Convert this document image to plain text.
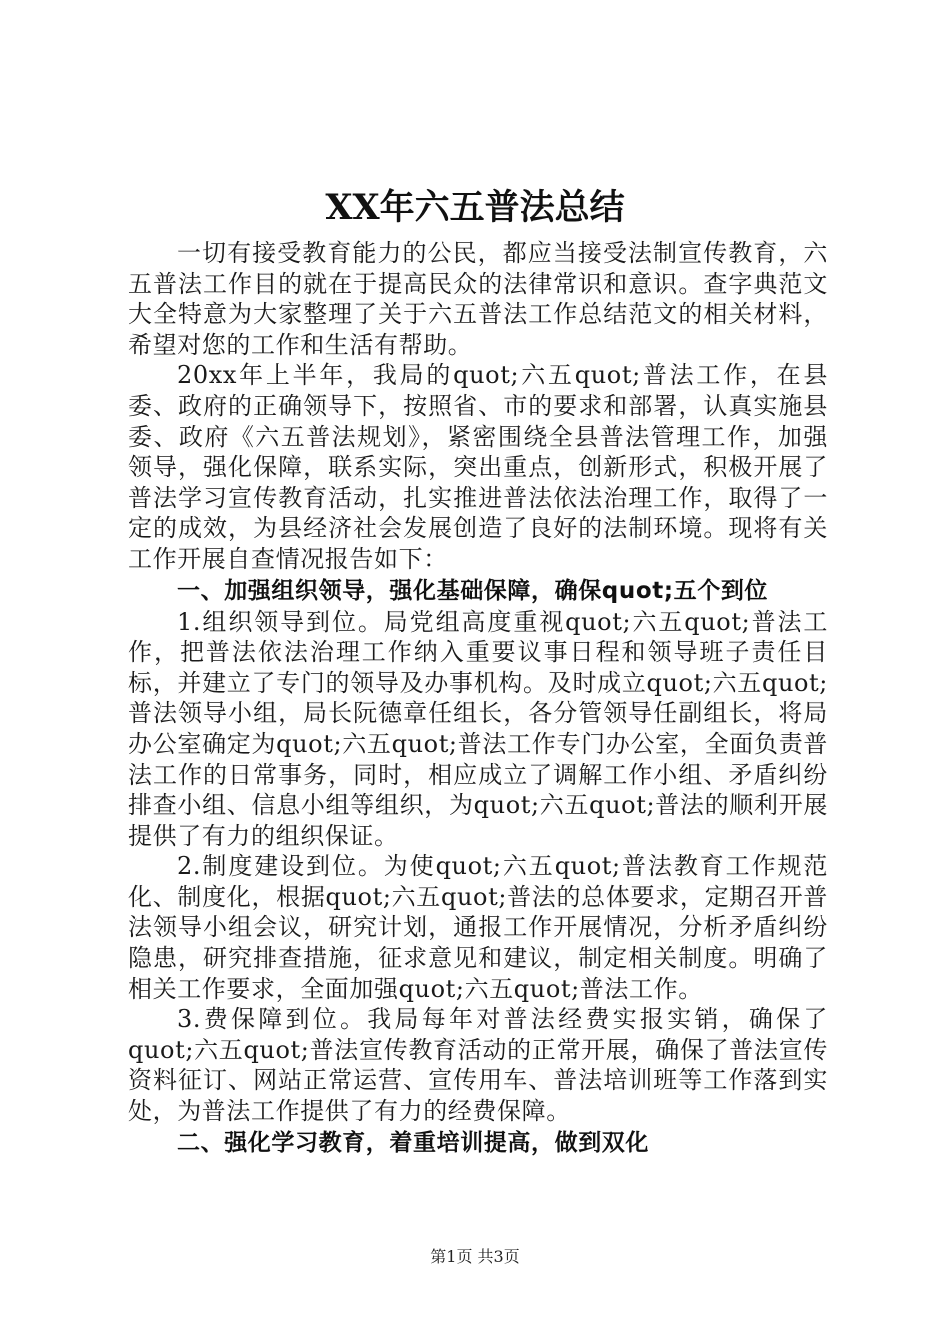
XX年六五普法总结

一切有接受教育能力的公民，都应当接受法制宣传教育，六五普法工作目的就在于提高民众的法律常识和意识。查字典范文大全特意为大家整理了关于六五普法工作总结范文的相关材料，希望对您的工作和生活有帮助。

20xx年上半年，我局的quot;六五quot;普法工作，在县委、政府的正确领导下，按照省、市的要求和部署，认真实施县委、政府《六五普法规划》，紧密围绕全县普法管理工作，加强领导，强化保障，联系实际，突出重点，创新形式，积极开展了普法学习宣传教育活动，扎实推进普法依法治理工作，取得了一定的成效，为县经济社会发展创造了良好的法制环境。现将有关工作开展自查情况报告如下：

一、加强组织领导，强化基础保障，确保quot;五个到位

1.组织领导到位。局党组高度重视quot;六五quot;普法工作，把普法依法治理工作纳入重要议事日程和领导班子责任目标，并建立了专门的领导及办事机构。及时成立quot;六五quot;普法领导小组，局长阮德章任组长，各分管领导任副组长，将局办公室确定为quot;六五quot;普法工作专门办公室，全面负责普法工作的日常事务，同时，相应成立了调解工作小组、矛盾纠纷排查小组、信息小组等组织，为quot;六五quot;普法的顺利开展提供了有力的组织保证。

2.制度建设到位。为使quot;六五quot;普法教育工作规范化、制度化，根据quot;六五quot;普法的总体要求，定期召开普法领导小组会议，研究计划，通报工作开展情况，分析矛盾纠纷隐患，研究排查措施，征求意见和建议，制定相关制度。明确了相关工作要求，全面加强quot;六五quot;普法工作。

3.费保障到位。我局每年对普法经费实报实销，确保了quot;六五quot;普法宣传教育活动的正常开展，确保了普法宣传资料征订、网站正常运营、宣传用车、普法培训班等工作落到实处，为普法工作提供了有力的经费保障。

二、强化学习教育，着重培训提高，做到双化
第1页 共3页
